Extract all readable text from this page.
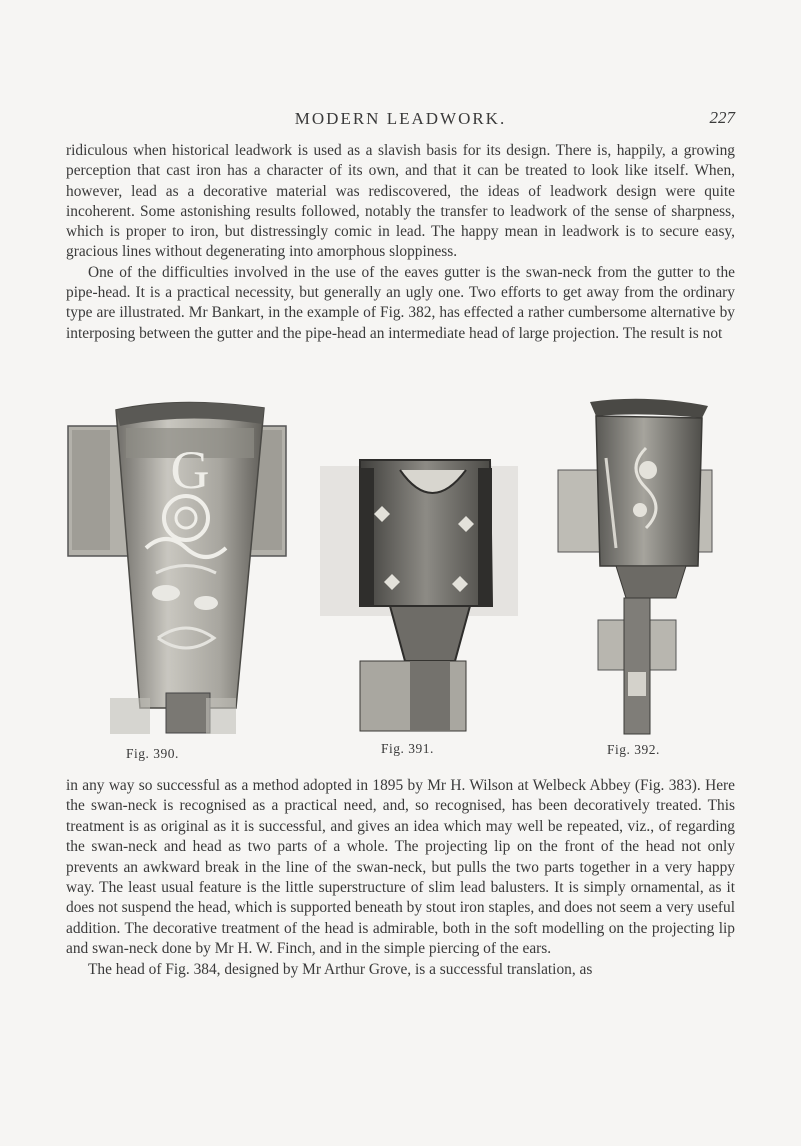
MODERN LEADWORK.	227

ridiculous when historical leadwork is used as a slavish basis for its design. There is, happily, a growing perception that cast iron has a character of its own, and that it can be treated to look like itself. When, however, lead as a decorative material was rediscovered, the ideas of leadwork design were quite incoherent. Some astonishing results followed, notably the transfer to leadwork of the sense of sharpness, which is proper to iron, but distressingly comic in lead. The happy mean in leadwork is to secure easy, gracious lines without degenerating into amorphous sloppiness.

One of the difficulties involved in the use of the eaves gutter is the swan-neck from the gutter to the pipe-head. It is a practical necessity, but generally an ugly one. Two efforts to get away from the ordinary type are illustrated. Mr Bankart, in the example of Fig. 382, has effected a rather cumbersome alternative by interposing between the gutter and the pipe-head an intermediate head of large projection. The result is not

G
Fig. 390.	Fig. 391.	Fig. 392.

in any way so successful as a method adopted in 1895 by Mr H. Wilson at Welbeck Abbey (Fig. 383). Here the swan-neck is recognised as a practical need, and, so recognised, has been decoratively treated. This treatment is as original as it is successful, and gives an idea which may well be repeated, viz., of regarding the swan-neck and head as two parts of a whole. The projecting lip on the front of the head not only prevents an awkward break in the line of the swan-neck, but pulls the two parts together in a very happy way. The least usual feature is the little superstructure of slim lead balusters. It is simply ornamental, as it does not suspend the head, which is supported beneath by stout iron staples, and does not seem a very useful addition. The decorative treatment of the head is admirable, both in the soft modelling on the projecting lip and swan-neck done by Mr H. W. Finch, and in the simple piercing of the ears.

The head of Fig. 384, designed by Mr Arthur Grove, is a successful translation, as
